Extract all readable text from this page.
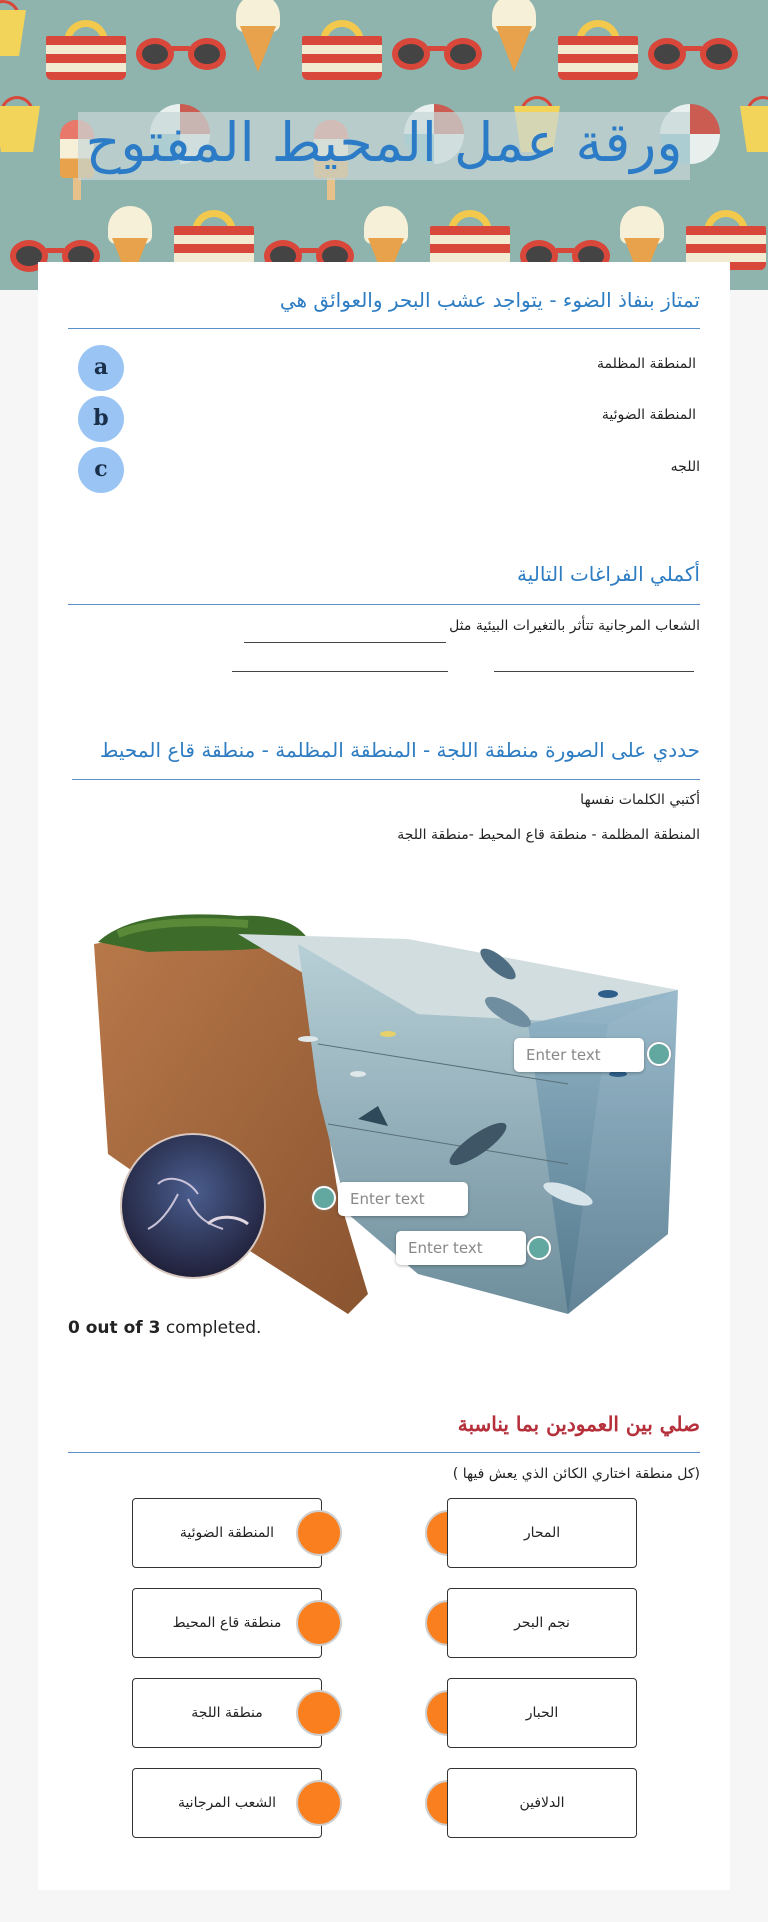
ورقة عمل المحيط المفتوح
تمتاز بنفاذ الضوء - يتواجد عشب البحر والعوائق هي
المنطقة المظلمة
a
المنطقة الضوئية
b
اللجه
c
أكملي الفراغات التالية
الشعاب المرجانية تتأثر بالتغيرات البيئية مثل
حددي على الصورة منطقة اللجة - المنطقة المظلمة - منطقة قاع المحيط
أكتبي الكلمات نفسها
المنطقة المظلمة - منطقة قاع المحيط -منطقة اللجة
Enter text
Enter text
Enter text
0 out of 3 completed.
صلي بين العمودين بما يناسبة
(كل منطقة اختاري الكائن الذي يعش فيها )
المنطقة الضوئية	المحار
منطقة قاع المحيط	نجم البحر
منطقة اللجة	الحبار
الشعب المرجانية	الدلافين
